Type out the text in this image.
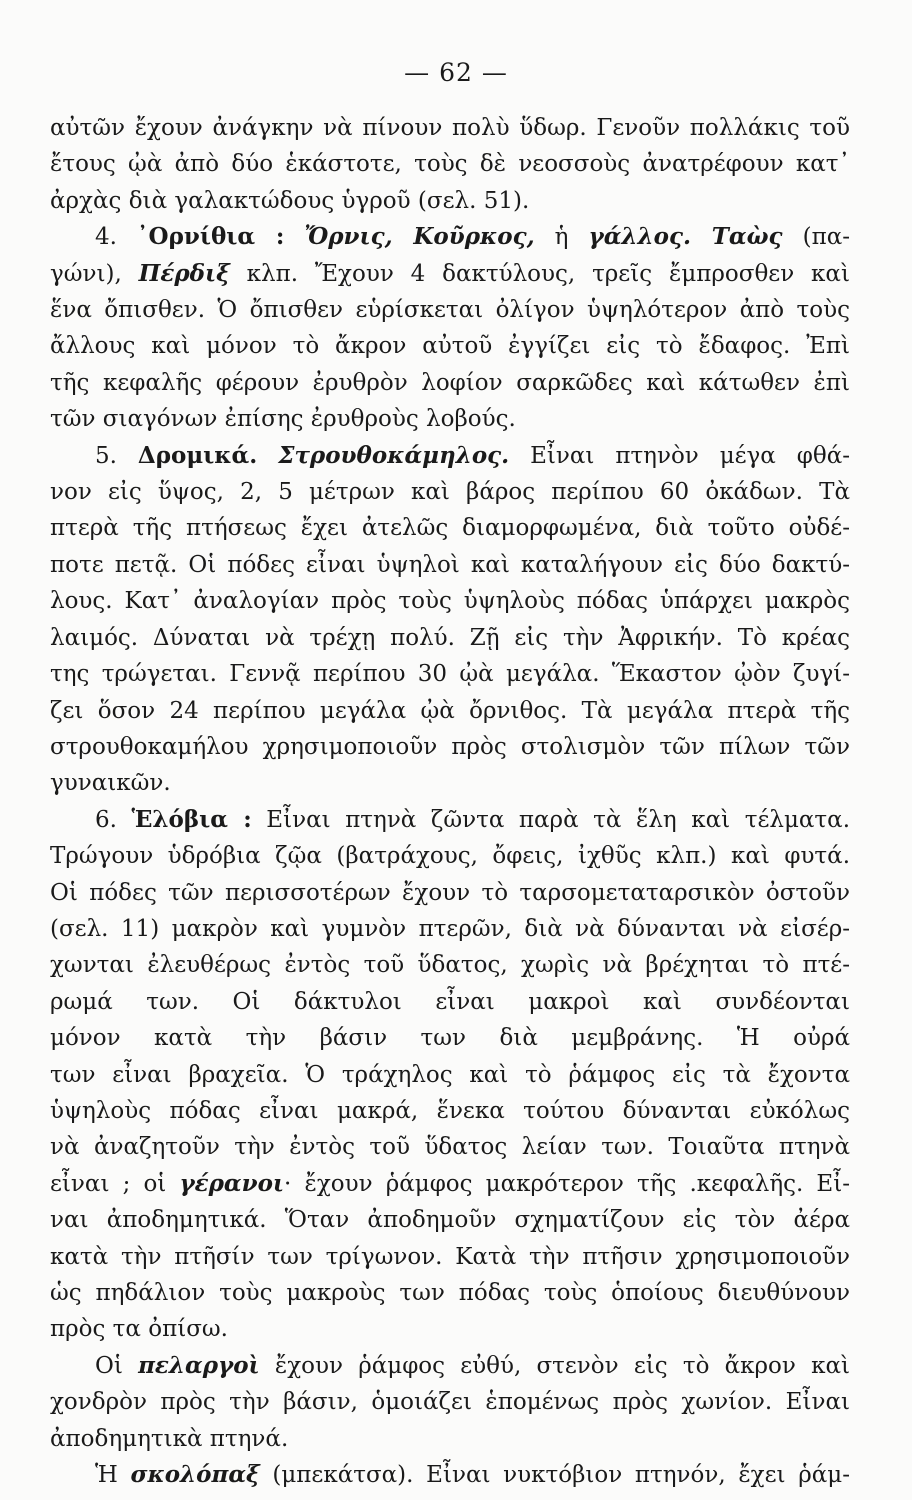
— 62 —
αὐτῶν ἔχουν ἀνάγκην νὰ πίνουν πολὺ ὕδωρ. Γενοῦν πολλάκις τοῦ
ἔτους ᾠὰ ἀπὸ δύο ἑκάστοτε, τοὺς δὲ νεοσσοὺς ἀνατρέφουν κατ᾽
ἀρχὰς διὰ γαλακτώδους ὑγροῦ (σελ. 51).
4. ᾿Ορνίθια : Ὄρνις, Κοῦρκος, ἡ γάλλος. Ταὼς (πα-
γώνι), Πέρδιξ κλπ. Ἔχουν 4 δακτύλους, τρεῖς ἔμπροσθεν καὶ
ἕνα ὄπισθεν. Ὁ ὄπισθεν εὑρίσκεται ὀλίγον ὑψηλότερον ἀπὸ τοὺς
ἄλλους καὶ μόνον τὸ ἄκρον αὐτοῦ ἐγγίζει εἰς τὸ ἔδαφος. Ἐπὶ
τῆς κεφαλῆς φέρουν ἐρυθρὸν λοφίον σαρκῶδες καὶ κάτωθεν ἐπὶ
τῶν σιαγόνων ἐπίσης ἐρυθροὺς λοβούς.
5. Δρομικά. Στρουθοκάμηλος. Εἶναι πτηνὸν μέγα φθά-
νον εἰς ὕψος, 2, 5 μέτρων καὶ βάρος περίπου 60 ὀκάδων. Τὰ
πτερὰ τῆς πτήσεως ἔχει ἀτελῶς διαμορφωμένα, διὰ τοῦτο οὐδέ-
ποτε πετᾷ. Οἱ πόδες εἶναι ὑψηλοὶ καὶ καταλήγουν εἰς δύο δακτύ-
λους. Κατ᾽ ἀναλογίαν πρὸς τοὺς ὑψηλοὺς πόδας ὑπάρχει μακρὸς
λαιμός. Δύναται νὰ τρέχῃ πολύ. Ζῇ εἰς τὴν Ἀφρικήν. Τὸ κρέας
της τρώγεται. Γεννᾷ περίπου 30 ᾠὰ μεγάλα. Ἕκαστον ᾠὸν ζυγί-
ζει ὅσον 24 περίπου μεγάλα ᾠὰ ὄρνιθος. Τὰ μεγάλα πτερὰ τῆς
στρουθοκαμήλου χρησιμοποιοῦν πρὸς στολισμὸν τῶν πίλων τῶν
γυναικῶν.
6. Ἑλόβια : Εἶναι πτηνὰ ζῶντα παρὰ τὰ ἕλη καὶ τέλματα.
Τρώγουν ὑδρόβια ζῷα (βατράχους, ὄφεις, ἰχθῦς κλπ.) καὶ φυτά.
Οἱ πόδες τῶν περισσοτέρων ἔχουν τὸ ταρσομεταταρσικὸν ὀστοῦν
(σελ. 11) μακρὸν καὶ γυμνὸν πτερῶν, διὰ νὰ δύνανται νὰ εἰσέρ-
χωνται ἐλευθέρως ἐντὸς τοῦ ὕδατος, χωρὶς νὰ βρέχηται τὸ πτέ-
ρωμά των. Οἱ δάκτυλοι εἶναι μακροὶ καὶ συνδέονται
μόνον κατὰ τὴν βάσιν των διὰ μεμβράνης. Ἡ οὐρά
των εἶναι βραχεῖα. Ὁ τράχηλος καὶ τὸ ῥάμφος εἰς τὰ ἔχοντα
ὑψηλοὺς πόδας εἶναι μακρά, ἕνεκα τούτου δύνανται εὐκόλως
νὰ ἀναζητοῦν τὴν ἐντὸς τοῦ ὕδατος λείαν των. Τοιαῦτα πτηνὰ
εἶναι ; οἱ γέρανοι· ἔχουν ῥάμφος μακρότερον τῆς .κεφαλῆς. Εἶ-
ναι ἀποδημητικά. Ὅταν ἀποδημοῦν σχηματίζουν εἰς τὸν ἀέρα
κατὰ τὴν πτῆσίν των τρίγωνον. Κατὰ τὴν πτῆσιν χρησιμοποιοῦν
ὡς πηδάλιον τοὺς μακροὺς των πόδας τοὺς ὁποίους διευθύνουν
πρὸς τα ὀπίσω.
Οἱ πελαργοὶ ἔχουν ῥάμφος εὐθύ, στενὸν εἰς τὸ ἄκρον καὶ
χονδρὸν πρὸς τὴν βάσιν, ὁμοιάζει ἑπομένως πρὸς χωνίον. Εἶναι
ἀποδημητικὰ πτηνά.
Ἡ σκολόπαξ (μπεκάτσα). Εἶναι νυκτόβιον πτηνόν, ἔχει ῥάμ-
